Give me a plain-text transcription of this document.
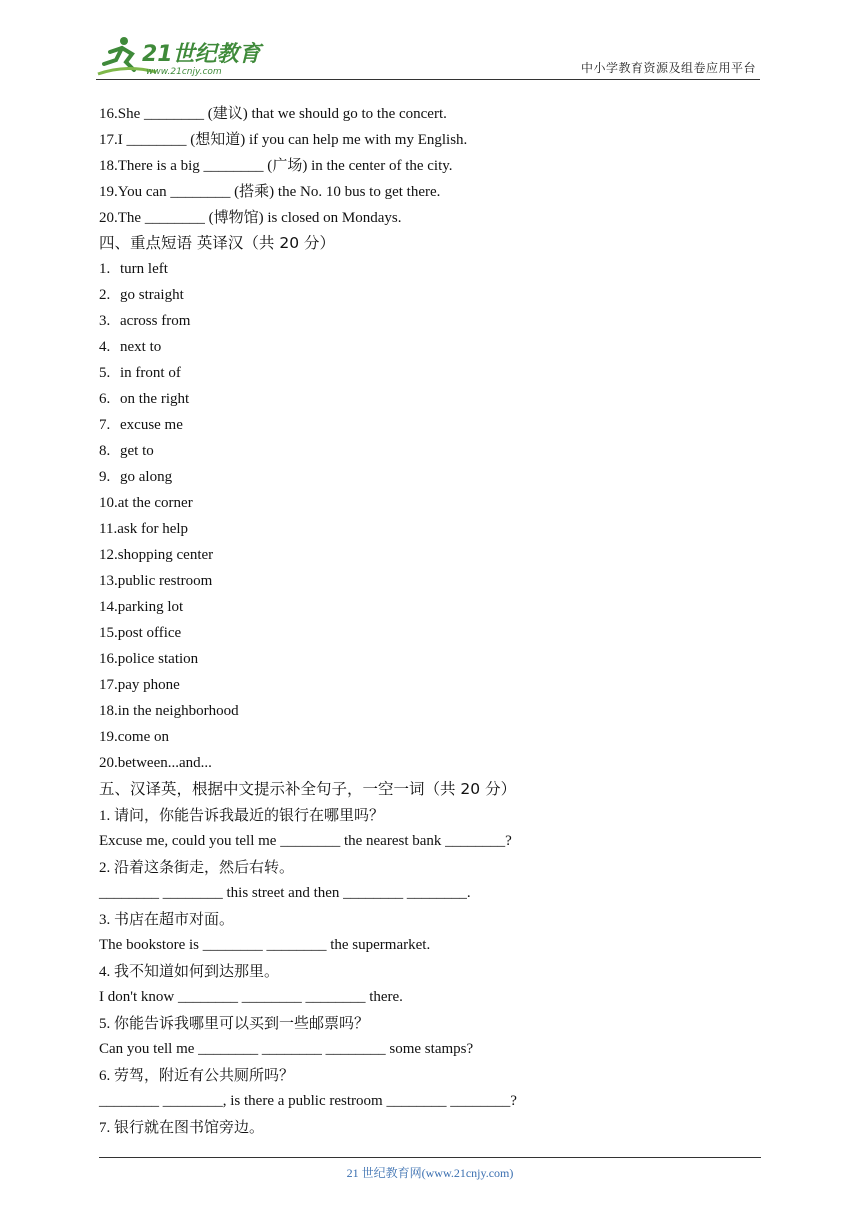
21世纪教育
www.21cnjy.com	中小学教育资源及组卷应用平台
16.She ________ (建议) that we should go to the concert.
17.I ________ (想知道) if you can help me with my English.
18.There is a big ________ (广场) in the center of the city.
19.You can ________ (搭乘) the No. 10 bus to get there.
20.The ________ (博物馆) is closed on Mondays.
四、重点短语 英译汉（共 20 分）
1. turn left
2. go straight
3. across from
4. next to
5. in front of
6. on the right
7. excuse me
8. get to
9. go along
10.at the corner
11.ask for help
12.shopping center
13.public restroom
14.parking lot
15.post office
16.police station
17.pay phone
18.in the neighborhood
19.come on
20.between...and...
五、汉译英，根据中文提示补全句子，一空一词（共 20 分）
1. 请问，你能告诉我最近的银行在哪里吗？
Excuse me, could you tell me ________ the nearest bank ________?
2. 沿着这条街走，然后右转。
________ ________ this street and then ________ ________.
3. 书店在超市对面。
The bookstore is ________ ________ the supermarket.
4. 我不知道如何到达那里。
I don't know ________ ________ ________ there.
5. 你能告诉我哪里可以买到一些邮票吗？
Can you tell me ________ ________ ________ some stamps?
6. 劳驾，附近有公共厕所吗？
________ ________, is there a public restroom ________ ________?
7. 银行就在图书馆旁边。
21 世纪教育网(www.21cnjy.com)
